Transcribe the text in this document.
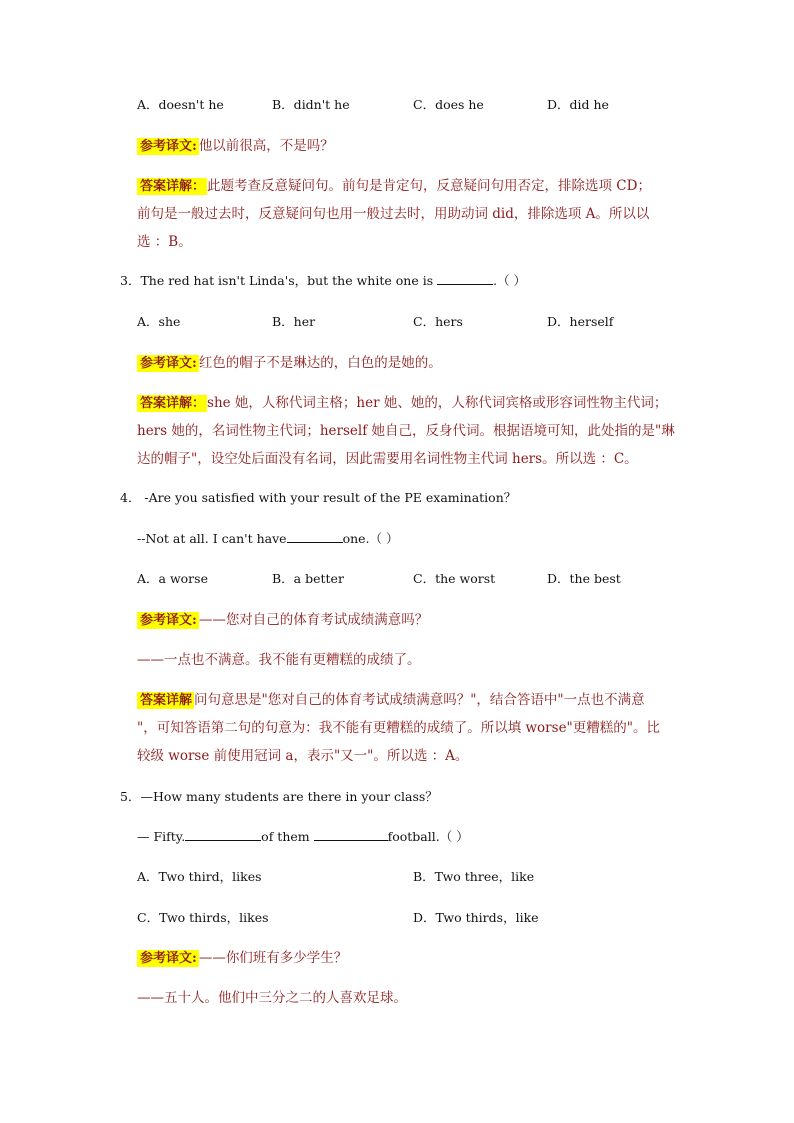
A．doesn't he	B．didn't he	C．does he	D．did he
参考译文: 他以前很高，不是吗？
答案详解： 此题考查反意疑问句。前句是肯定句，反意疑问句用否定，排除选项 CD；
前句是一般过去时，反意疑问句也用一般过去时，用助动词 did，排除选项 A。所以以
选 ：B。
3．The red hat isn't Linda's，but the white one is	.（ ）
A．she	B．her	C．hers	D．herself
参考译文: 红色的帽子不是琳达的，白色的是她的。
答案详解： she 她，人称代词主格；her 她、她的，人称代词宾格或形容词性物主代词；
hers 她的，名词性物主代词；herself 她自己，反身代词。根据语境可知，此处指的是"琳
达的帽子"，设空处后面没有名词，因此需要用名词性物主代词 hers。所以选 ：C。
4． -Are you satisfied with your result of the PE examination？
--Not at all. I can't have	one.（ ）
A．a worse	B．a better	C．the worst	D．the best
参考译文: ——您对自己的体育考试成绩满意吗？
——一点也不满意。我不能有更糟糕的成绩了。
答案详解 问句意思是"您对自己的体育考试成绩满意吗？"，结合答语中"一点也不满意
"，可知答语第二句的句意为：我不能有更糟糕的成绩了。所以填 worse"更糟糕的"。比
较级 worse 前使用冠词 a，表示"又一"。所以选 ：A。
5．—How many students are there in your class？
— Fifty.	of them	football.（ ）
A．Two third，likes	B．Two three，like
C．Two thirds，likes	D．Two thirds，like
参考译文: ——你们班有多少学生？
——五十人。他们中三分之二的人喜欢足球。
